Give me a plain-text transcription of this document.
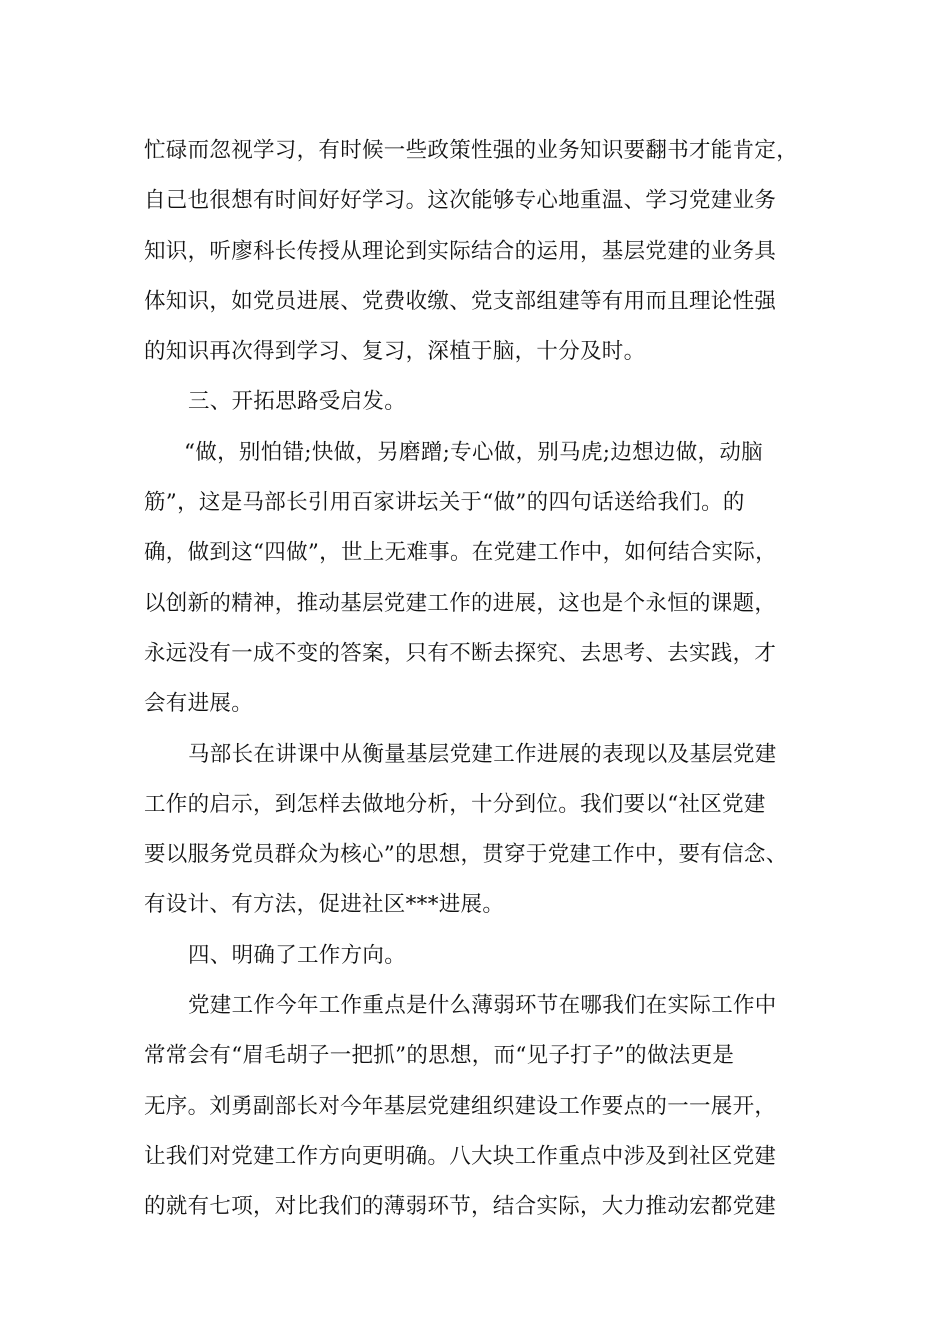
忙碌而忽视学习，有时候一些政策性强的业务知识要翻书才能肯定，
自己也很想有时间好好学习。这次能够专心地重温、学习党建业务
知识，听廖科长传授从理论到实际结合的运用，基层党建的业务具
体知识，如党员进展、党费收缴、党支部组建等有用而且理论性强
的知识再次得到学习、复习，深植于脑，十分及时。
三、开拓思路受启发。
“做，别怕错;快做，另磨蹭;专心做，别马虎;边想边做，动脑
筋”，这是马部长引用百家讲坛关于“做”的四句话送给我们。的
确，做到这“四做”，世上无难事。在党建工作中，如何结合实际，
以创新的精神，推动基层党建工作的进展，这也是个永恒的课题，
永远没有一成不变的答案，只有不断去探究、去思考、去实践，才
会有进展。
马部长在讲课中从衡量基层党建工作进展的表现以及基层党建
工作的启示，到怎样去做地分析，十分到位。我们要以“社区党建
要以服务党员群众为核心”的思想，贯穿于党建工作中，要有信念、
有设计、有方法，促进社区***进展。
四、明确了工作方向。
党建工作今年工作重点是什么薄弱环节在哪我们在实际工作中
常常会有“眉毛胡子一把抓”的思想，而“见子打子”的做法更是
无序。刘勇副部长对今年基层党建组织建设工作要点的一一展开，
让我们对党建工作方向更明确。八大块工作重点中涉及到社区党建
的就有七项，对比我们的薄弱环节，结合实际，大力推动宏都党建
